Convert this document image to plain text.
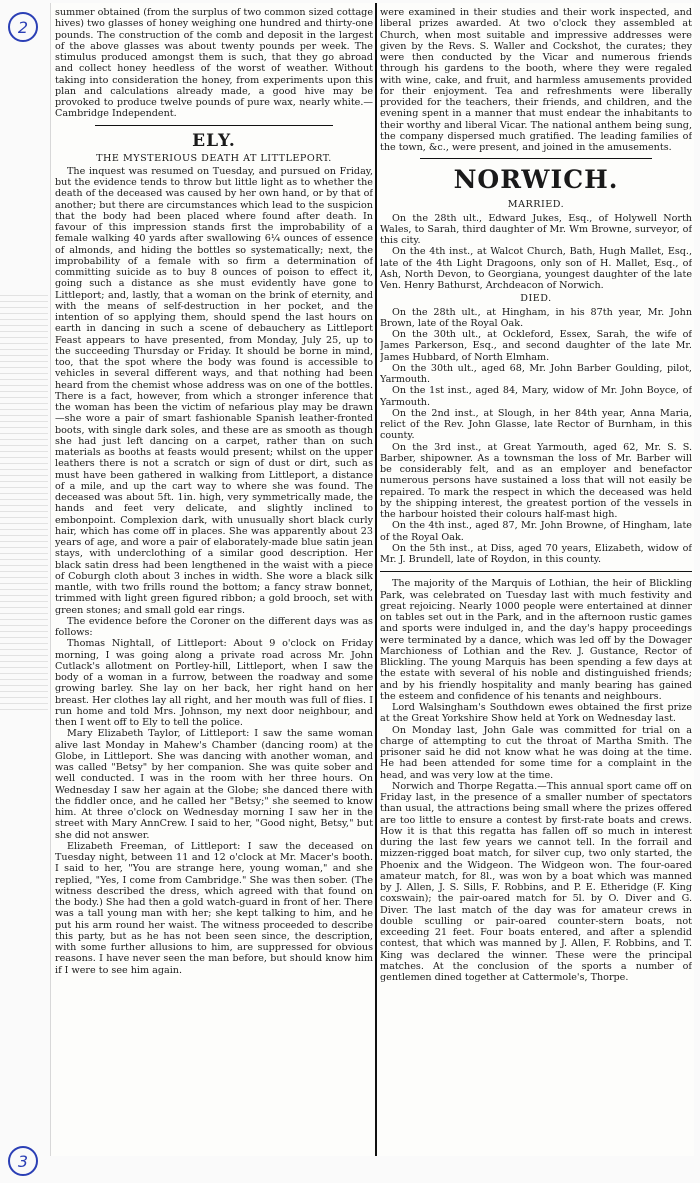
2
3

summer obtained (from the surplus of two common sized cottage hives) two glasses of honey weighing one hundred and thirty-one pounds. The construction of the comb and deposit in the largest of the above glasses was about twenty pounds per week. The stimulus produced amongst them is such, that they go abroad and collect honey heedless of the worst of weather. Without taking into consideration the honey, from experiments upon this plan and calculations already made, a good hive may be provoked to produce twelve pounds of pure wax, nearly white.—Cambridge Independent.

ELY.
THE MYSTERIOUS DEATH AT LITTLEPORT.

The inquest was resumed on Tuesday, and pursued on Friday, but the evidence tends to throw but little light as to whether the death of the deceased was caused by her own hand, or by that of another; but there are circumstances which lead to the suspicion that the body had been placed where found after death. In favour of this impression stands first the improbability of a female walking 40 yards after swallowing 6¼ ounces of essence of almonds, and hiding the bottles so systematically; next, the improbability of a female with so firm a determination of committing suicide as to buy 8 ounces of poison to effect it, going such a distance as she must evidently have gone to Littleport; and, lastly, that a woman on the brink of eternity, and with the means of self-destruction in her pocket, and the intention of so applying them, should spend the last hours on earth in dancing in such a scene of debauchery as Littleport Feast appears to have presented, from Monday, July 25, up to the succeeding Thursday or Friday. It should be borne in mind, too, that the spot where the body was found is accessible to vehicles in several different ways, and that nothing had been heard from the chemist whose address was on one of the bottles. There is a fact, however, from which a stronger inference that the woman has been the victim of nefarious play may be drawn—she wore a pair of smart fashionable Spanish leather-fronted boots, with single dark soles, and these are as smooth as though she had just left dancing on a carpet, rather than on such materials as booths at feasts would present; whilst on the upper leathers there is not a scratch or sign of dust or dirt, such as must have been gathered in walking from Littleport, a distance of a mile, and up the cart way to where she was found. The deceased was about 5ft. 1in. high, very symmetrically made, the hands and feet very delicate, and slightly inclined to embonpoint. Complexion dark, with unusually short black curly hair, which has come off in places. She was apparently about 23 years of age, and wore a pair of elaborately-made blue satin jean stays, with underclothing of a similar good description. Her black satin dress had been lengthened in the waist with a piece of Coburgh cloth about 3 inches in width. She wore a black silk mantle, with two frills round the bottom; a fancy straw bonnet, trimmed with light green figured ribbon; a gold brooch, set with green stones; and small gold ear rings.

The evidence before the Coroner on the different days was as follows:

Thomas Nightall, of Littleport: About 9 o'clock on Friday morning, I was going along a private road across Mr. John Cutlack's allotment on Portley-hill, Littleport, when I saw the body of a woman in a furrow, between the roadway and some growing barley. She lay on her back, her right hand on her breast. Her clothes lay all right, and her mouth was full of flies. I run home and told Mrs. Johnson, my next door neighbour, and then I went off to Ely to tell the police.

Mary Elizabeth Taylor, of Littleport: I saw the same woman alive last Monday in Mahew's Chamber (dancing room) at the Globe, in Littleport. She was dancing with another woman, and was called "Betsy" by her companion. She was quite sober and well conducted. I was in the room with her three hours. On Wednesday I saw her again at the Globe; she danced there with the fiddler once, and he called her "Betsy;" she seemed to know him. At three o'clock on Wednesday morning I saw her in the street with Mary AnnCrew. I said to her, "Good night, Betsy," but she did not answer.

Elizabeth Freeman, of Littleport: I saw the deceased on Tuesday night, between 11 and 12 o'clock at Mr. Macer's booth. I said to her, "You are strange here, young woman," and she replied, "Yes, I come from Cambridge." She was then sober. (The witness described the dress, which agreed with that found on the body.) She had then a gold watch-guard in front of her. There was a tall young man with her; she kept talking to him, and he put his arm round her waist. The witness proceeded to describe this party, but as he has not been seen since, the description, with some further allusions to him, are suppressed for obvious reasons. I have never seen the man before, but should know him if I were to see him again.

were examined in their studies and their work inspected, and liberal prizes awarded. At two o'clock they assembled at Church, when most suitable and impressive addresses were given by the Revs. S. Waller and Cockshot, the curates; they were then conducted by the Vicar and numerous friends through his gardens to the booth, where they were regaled with wine, cake, and fruit, and harmless amusements provided for their enjoyment. Tea and refreshments were liberally provided for the teachers, their friends, and children, and the evening spent in a manner that must endear the inhabitants to their worthy and liberal Vicar. The national anthem being sung, the company dispersed much gratified. The leading families of the town, &c., were present, and joined in the amusements.

NORWICH.
MARRIED.

On the 28th ult., Edward Jukes, Esq., of Holywell North Wales, to Sarah, third daughter of Mr. Wm Browne, surveyor, of this city.

On the 4th inst., at Walcot Church, Bath, Hugh Mallet, Esq., late of the 4th Light Dragoons, only son of H. Mallet, Esq., of Ash, North Devon, to Georgiana, youngest daughter of the late Ven. Henry Bathurst, Archdeacon of Norwich.

DIED.

On the 28th ult., at Hingham, in his 87th year, Mr. John Brown, late of the Royal Oak.

On the 30th ult., at Ockleford, Essex, Sarah, the wife of James Parkerson, Esq., and second daughter of the late Mr. James Hubbard, of North Elmham.

On the 30th ult., aged 68, Mr. John Barber Goulding, pilot, Yarmouth.

On the 1st inst., aged 84, Mary, widow of Mr. John Boyce, of Yarmouth.

On the 2nd inst., at Slough, in her 84th year, Anna Maria, relict of the Rev. John Glasse, late Rector of Burnham, in this county.

On the 3rd inst., at Great Yarmouth, aged 62, Mr. S. S. Barber, shipowner. As a townsman the loss of Mr. Barber will be considerably felt, and as an employer and benefactor numerous persons have sustained a loss that will not easily be repaired. To mark the respect in which the deceased was held by the shipping interest, the greatest portion of the vessels in the harbour hoisted their colours half-mast high.

On the 4th inst., aged 87, Mr. John Browne, of Hingham, late of the Royal Oak.

On the 5th inst., at Diss, aged 70 years, Elizabeth, widow of Mr. J. Brundell, late of Roydon, in this county.

The majority of the Marquis of Lothian, the heir of Blickling Park, was celebrated on Tuesday last with much festivity and great rejoicing. Nearly 1000 people were entertained at dinner on tables set out in the Park, and in the afternoon rustic games and sports were indulged in, and the day's happy proceedings were terminated by a dance, which was led off by the Dowager Marchioness of Lothian and the Rev. J. Gustance, Rector of Blickling. The young Marquis has been spending a few days at the estate with several of his noble and distinguished friends; and by his friendly hospitality and manly bearing has gained the esteem and confidence of his tenants and neighbours.

Lord Walsingham's Southdown ewes obtained the first prize at the Great Yorkshire Show held at York on Wednesday last.

On Monday last, John Gale was committed for trial on a charge of attempting to cut the throat of Martha Smith. The prisoner said he did not know what he was doing at the time. He had been attended for some time for a complaint in the head, and was very low at the time.

Norwich and Thorpe Regatta.—This annual sport came off on Friday last, in the presence of a smaller number of spectators than usual, the attractions being small where the prizes offered are too little to ensure a contest by first-rate boats and crews. How it is that this regatta has fallen off so much in interest during the last few years we cannot tell. In the forrail and mizzen-rigged boat match, for silver cup, two only started, the Phoenix and the Widgeon. The Widgeon won. The four-oared amateur match, for 8l., was won by a boat which was manned by J. Allen, J. S. Sills, F. Robbins, and P. E. Etheridge (F. King coxswain); the pair-oared match for 5l. by O. Diver and G. Diver. The last match of the day was for amateur crews in double sculling or pair-oared counter-stern boats, not exceeding 21 feet. Four boats entered, and after a splendid contest, that which was manned by J. Allen, F. Robbins, and T. King was declared the winner. These were the principal matches. At the conclusion of the sports a number of gentlemen dined together at Cattermole's, Thorpe.
